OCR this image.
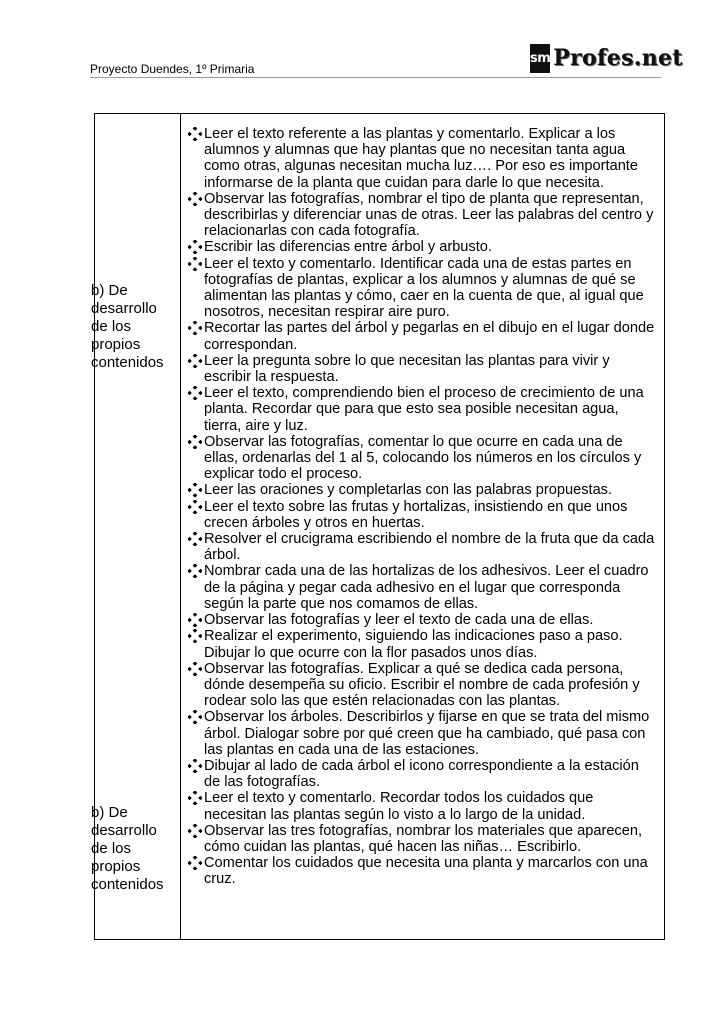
Proyecto Duendes, 1º Primaria
sm Profes.net
b) De
desarrollo
de los
propios
contenidos
b) De
desarrollo
de los
propios
contenidos
Leer el texto referente a las plantas y comentarlo. Explicar a los
alumnos y alumnas que hay plantas que no necesitan tanta agua
como otras, algunas necesitan mucha luz…. Por eso es importante
informarse de la planta que cuidan para darle lo que necesita.
Observar las fotografías, nombrar el tipo de planta que representan,
describirlas y diferenciar unas de otras. Leer las palabras del centro y
relacionarlas con cada fotografía.
Escribir las diferencias entre árbol y arbusto.
Leer el texto y comentarlo. Identificar cada una de estas partes en
fotografías de plantas, explicar a los alumnos y alumnas de qué se
alimentan las plantas y cómo, caer en la cuenta de que, al igual que
nosotros, necesitan respirar aire puro.
Recortar las partes del árbol y pegarlas en el dibujo en el lugar donde
correspondan.
Leer la pregunta sobre lo que necesitan las plantas para vivir y
escribir la respuesta.
Leer el texto, comprendiendo bien el proceso de crecimiento de una
planta. Recordar que para que esto sea posible necesitan agua,
tierra, aire y luz.
Observar las fotografías, comentar lo que ocurre en cada una de
ellas, ordenarlas del 1 al 5, colocando los números en los círculos y
explicar todo el proceso.
Leer las oraciones y completarlas con las palabras propuestas.
Leer el texto sobre las frutas y hortalizas, insistiendo en que unos
crecen árboles y otros en huertas.
Resolver el crucigrama escribiendo el nombre de la fruta que da cada
árbol.
Nombrar cada una de las hortalizas de los adhesivos. Leer el cuadro
de la página y pegar cada adhesivo en el lugar que corresponda
según la parte que nos comamos de ellas.
Observar las fotografías y leer el texto de cada una de ellas.
Realizar el experimento, siguiendo las indicaciones paso a paso.
Dibujar lo que ocurre con la flor pasados unos días.
Observar las fotografías. Explicar a qué se dedica cada persona,
dónde desempeña su oficio. Escribir el nombre de cada profesión y
rodear solo las que estén relacionadas con las plantas.
Observar los árboles. Describirlos y fijarse en que se trata del mismo
árbol. Dialogar sobre por qué creen que ha cambiado, qué pasa con
las plantas en cada una de las estaciones.
Dibujar al lado de cada árbol el icono correspondiente a la estación
de las fotografías.
Leer el texto y comentarlo. Recordar todos los cuidados que
necesitan las plantas según lo visto a lo largo de la unidad.
Observar las tres fotografías, nombrar los materiales que aparecen,
cómo cuidan las plantas, qué hacen las niñas… Escribirlo.
Comentar los cuidados que necesita una planta y marcarlos con una
cruz.
